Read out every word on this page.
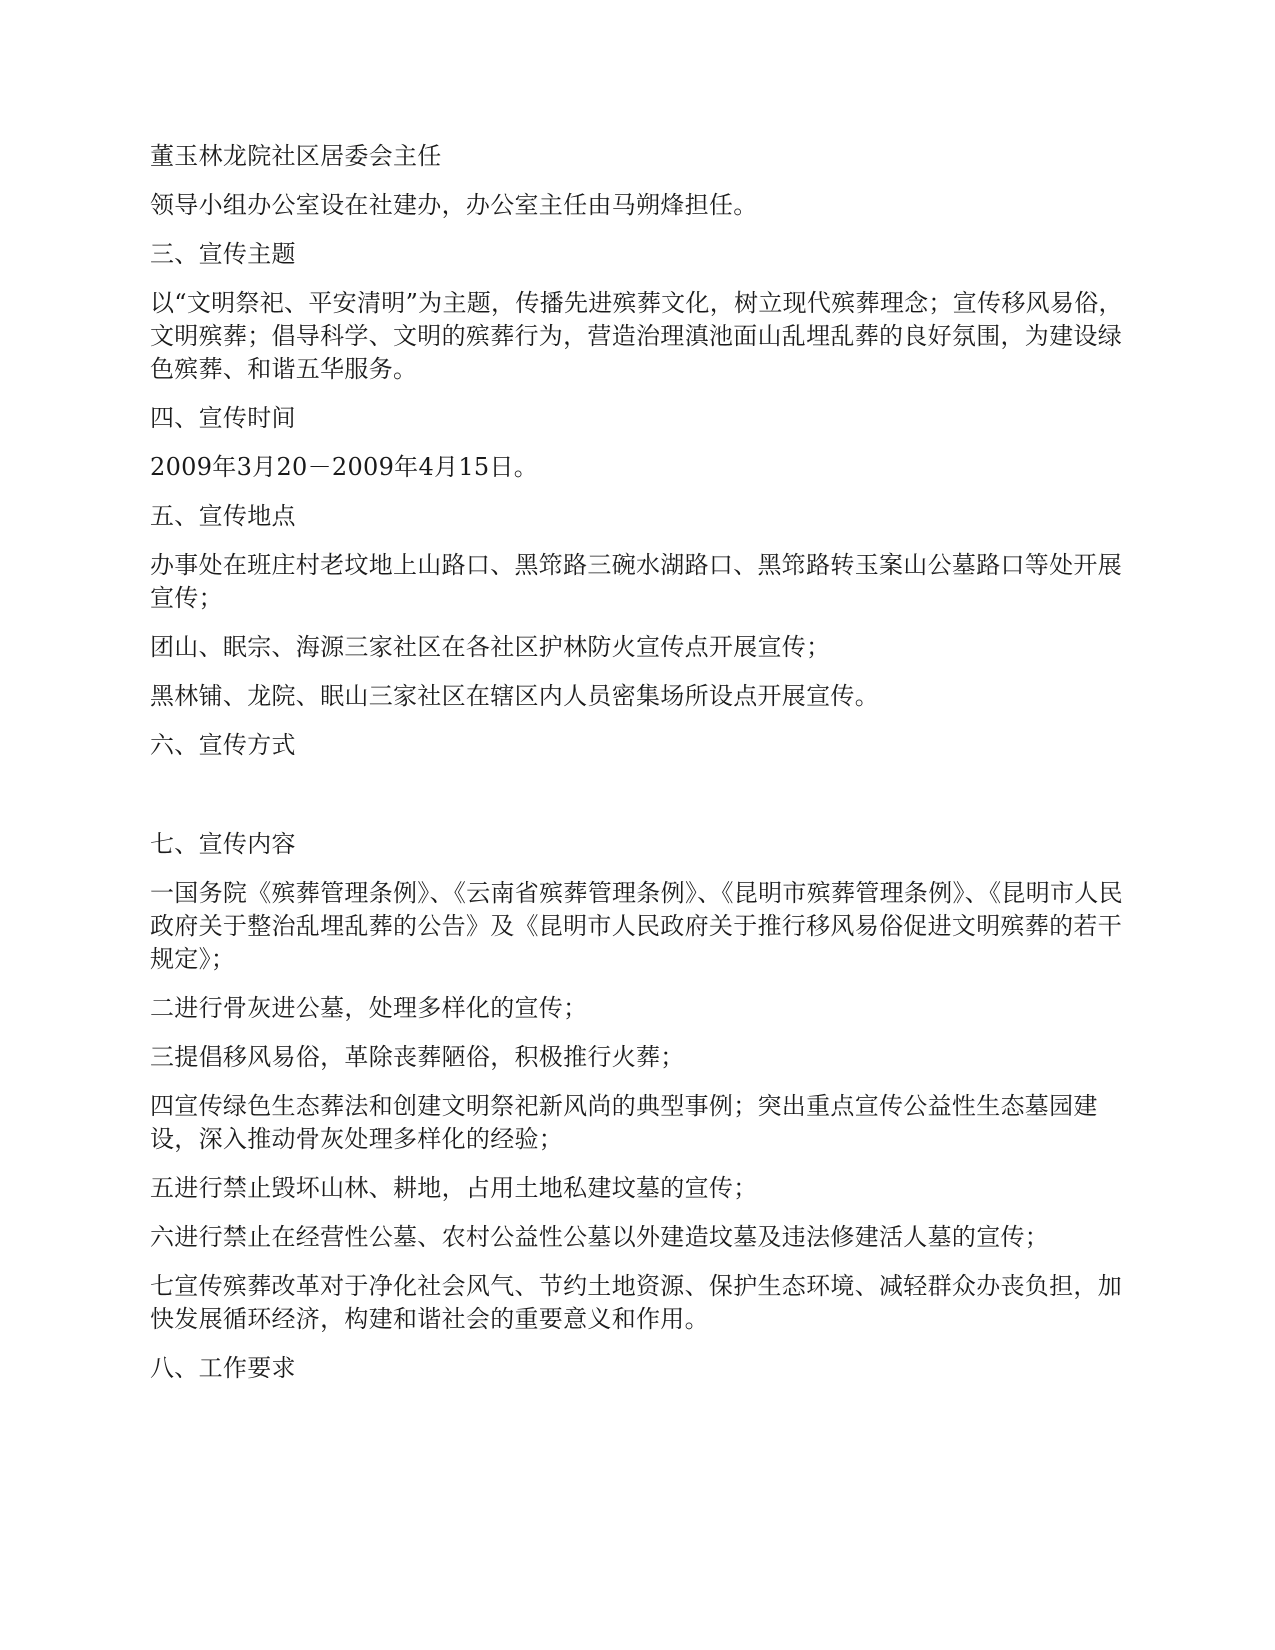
董玉林龙院社区居委会主任

领导小组办公室设在社建办，办公室主任由马朔烽担任。

三、宣传主题

以“文明祭祀、平安清明”为主题，传播先进殡葬文化，树立现代殡葬理念；宣传移风易俗，文明殡葬；倡导科学、文明的殡葬行为，营造治理滇池面山乱埋乱葬的良好氛围，为建设绿色殡葬、和谐五华服务。

四、宣传时间

2009年3月20－2009年4月15日。

五、宣传地点

办事处在班庄村老坟地上山路口、黑筇路三碗水湖路口、黑筇路转玉案山公墓路口等处开展宣传；

团山、眠宗、海源三家社区在各社区护林防火宣传点开展宣传；

黑林铺、龙院、眠山三家社区在辖区内人员密集场所设点开展宣传。

六、宣传方式

七、宣传内容

一国务院《殡葬管理条例》、《云南省殡葬管理条例》、《昆明市殡葬管理条例》、《昆明市人民政府关于整治乱埋乱葬的公告》及《昆明市人民政府关于推行移风易俗促进文明殡葬的若干规定》；

二进行骨灰进公墓，处理多样化的宣传；

三提倡移风易俗，革除丧葬陋俗，积极推行火葬；

四宣传绿色生态葬法和创建文明祭祀新风尚的典型事例；突出重点宣传公益性生态墓园建设，深入推动骨灰处理多样化的经验；

五进行禁止毁坏山林、耕地，占用土地私建坟墓的宣传；

六进行禁止在经营性公墓、农村公益性公墓以外建造坟墓及违法修建活人墓的宣传；

七宣传殡葬改革对于净化社会风气、节约土地资源、保护生态环境、减轻群众办丧负担，加快发展循环经济，构建和谐社会的重要意义和作用。

八、工作要求
